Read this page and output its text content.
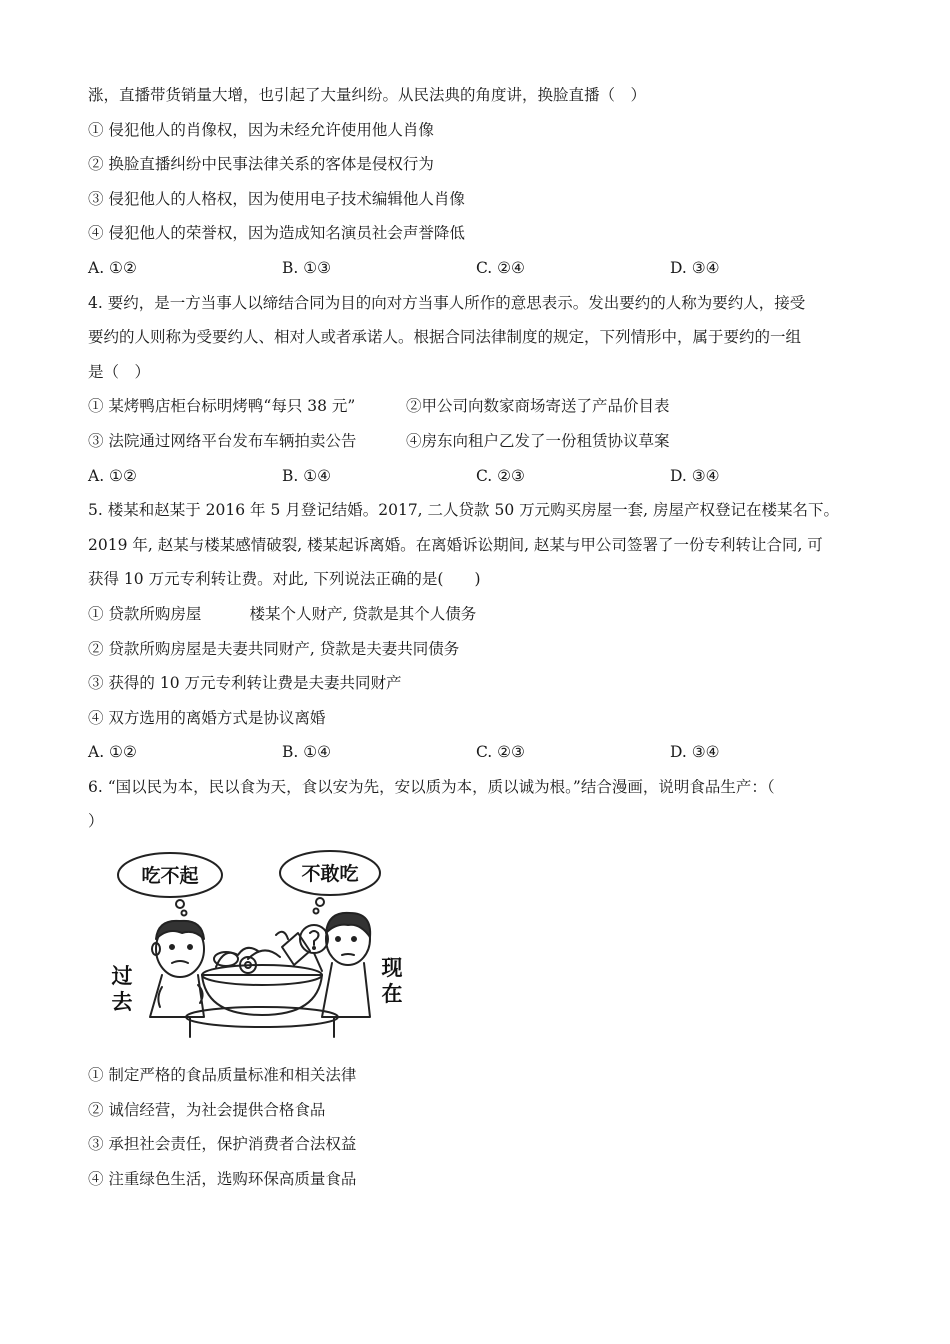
涨，直播带货销量大增，也引起了大量纠纷。从民法典的角度讲，换脸直播（　）
① 侵犯他人的肖像权，因为未经允许使用他人肖像
② 换脸直播纠纷中民事法律关系的客体是侵权行为
③ 侵犯他人的人格权，因为使用电子技术编辑他人肖像
④ 侵犯他人的荣誉权，因为造成知名演员社会声誉降低
A. ①②	B. ①③	C. ②④	D. ③④
4. 要约，是一方当事人以缔结合同为目的向对方当事人所作的意思表示。发出要约的人称为要约人，接受
要约的人则称为受要约人、相对人或者承诺人。根据合同法律制度的规定，下列情形中，属于要约的一组
是（　）
① 某烤鸭店柜台标明烤鸭“每只 38 元”	②甲公司向数家商场寄送了产品价目表
③ 法院通过网络平台发布车辆拍卖公告	④房东向租户乙发了一份租赁协议草案
A. ①②	B. ①④	C. ②③	D. ③④
5. 楼某和赵某于 2016 年 5 月登记结婚。2017, 二人贷款 50 万元购买房屋一套, 房屋产权登记在楼某名下。
2019 年, 赵某与楼某感情破裂, 楼某起诉离婚。在离婚诉讼期间, 赵某与甲公司签署了一份专利转让合同, 可
获得 10 万元专利转让费。对此, 下列说法正确的是(　　)
① 贷款所购房屋	楼某个人财产, 贷款是其个人债务
② 贷款所购房屋是夫妻共同财产, 贷款是夫妻共同债务
③ 获得的 10 万元专利转让费是夫妻共同财产
④ 双方选用的离婚方式是协议离婚
A. ①②	B. ①④	C. ②③	D. ③④
6. “国以民为本，民以食为天，食以安为先，安以质为本，质以诚为根。”结合漫画，说明食品生产：（
）
吃不起	不敢吃
过
去
现
在
① 制定严格的食品质量标准和相关法律
② 诚信经营，为社会提供合格食品
③ 承担社会责任，保护消费者合法权益
④ 注重绿色生活，选购环保高质量食品
